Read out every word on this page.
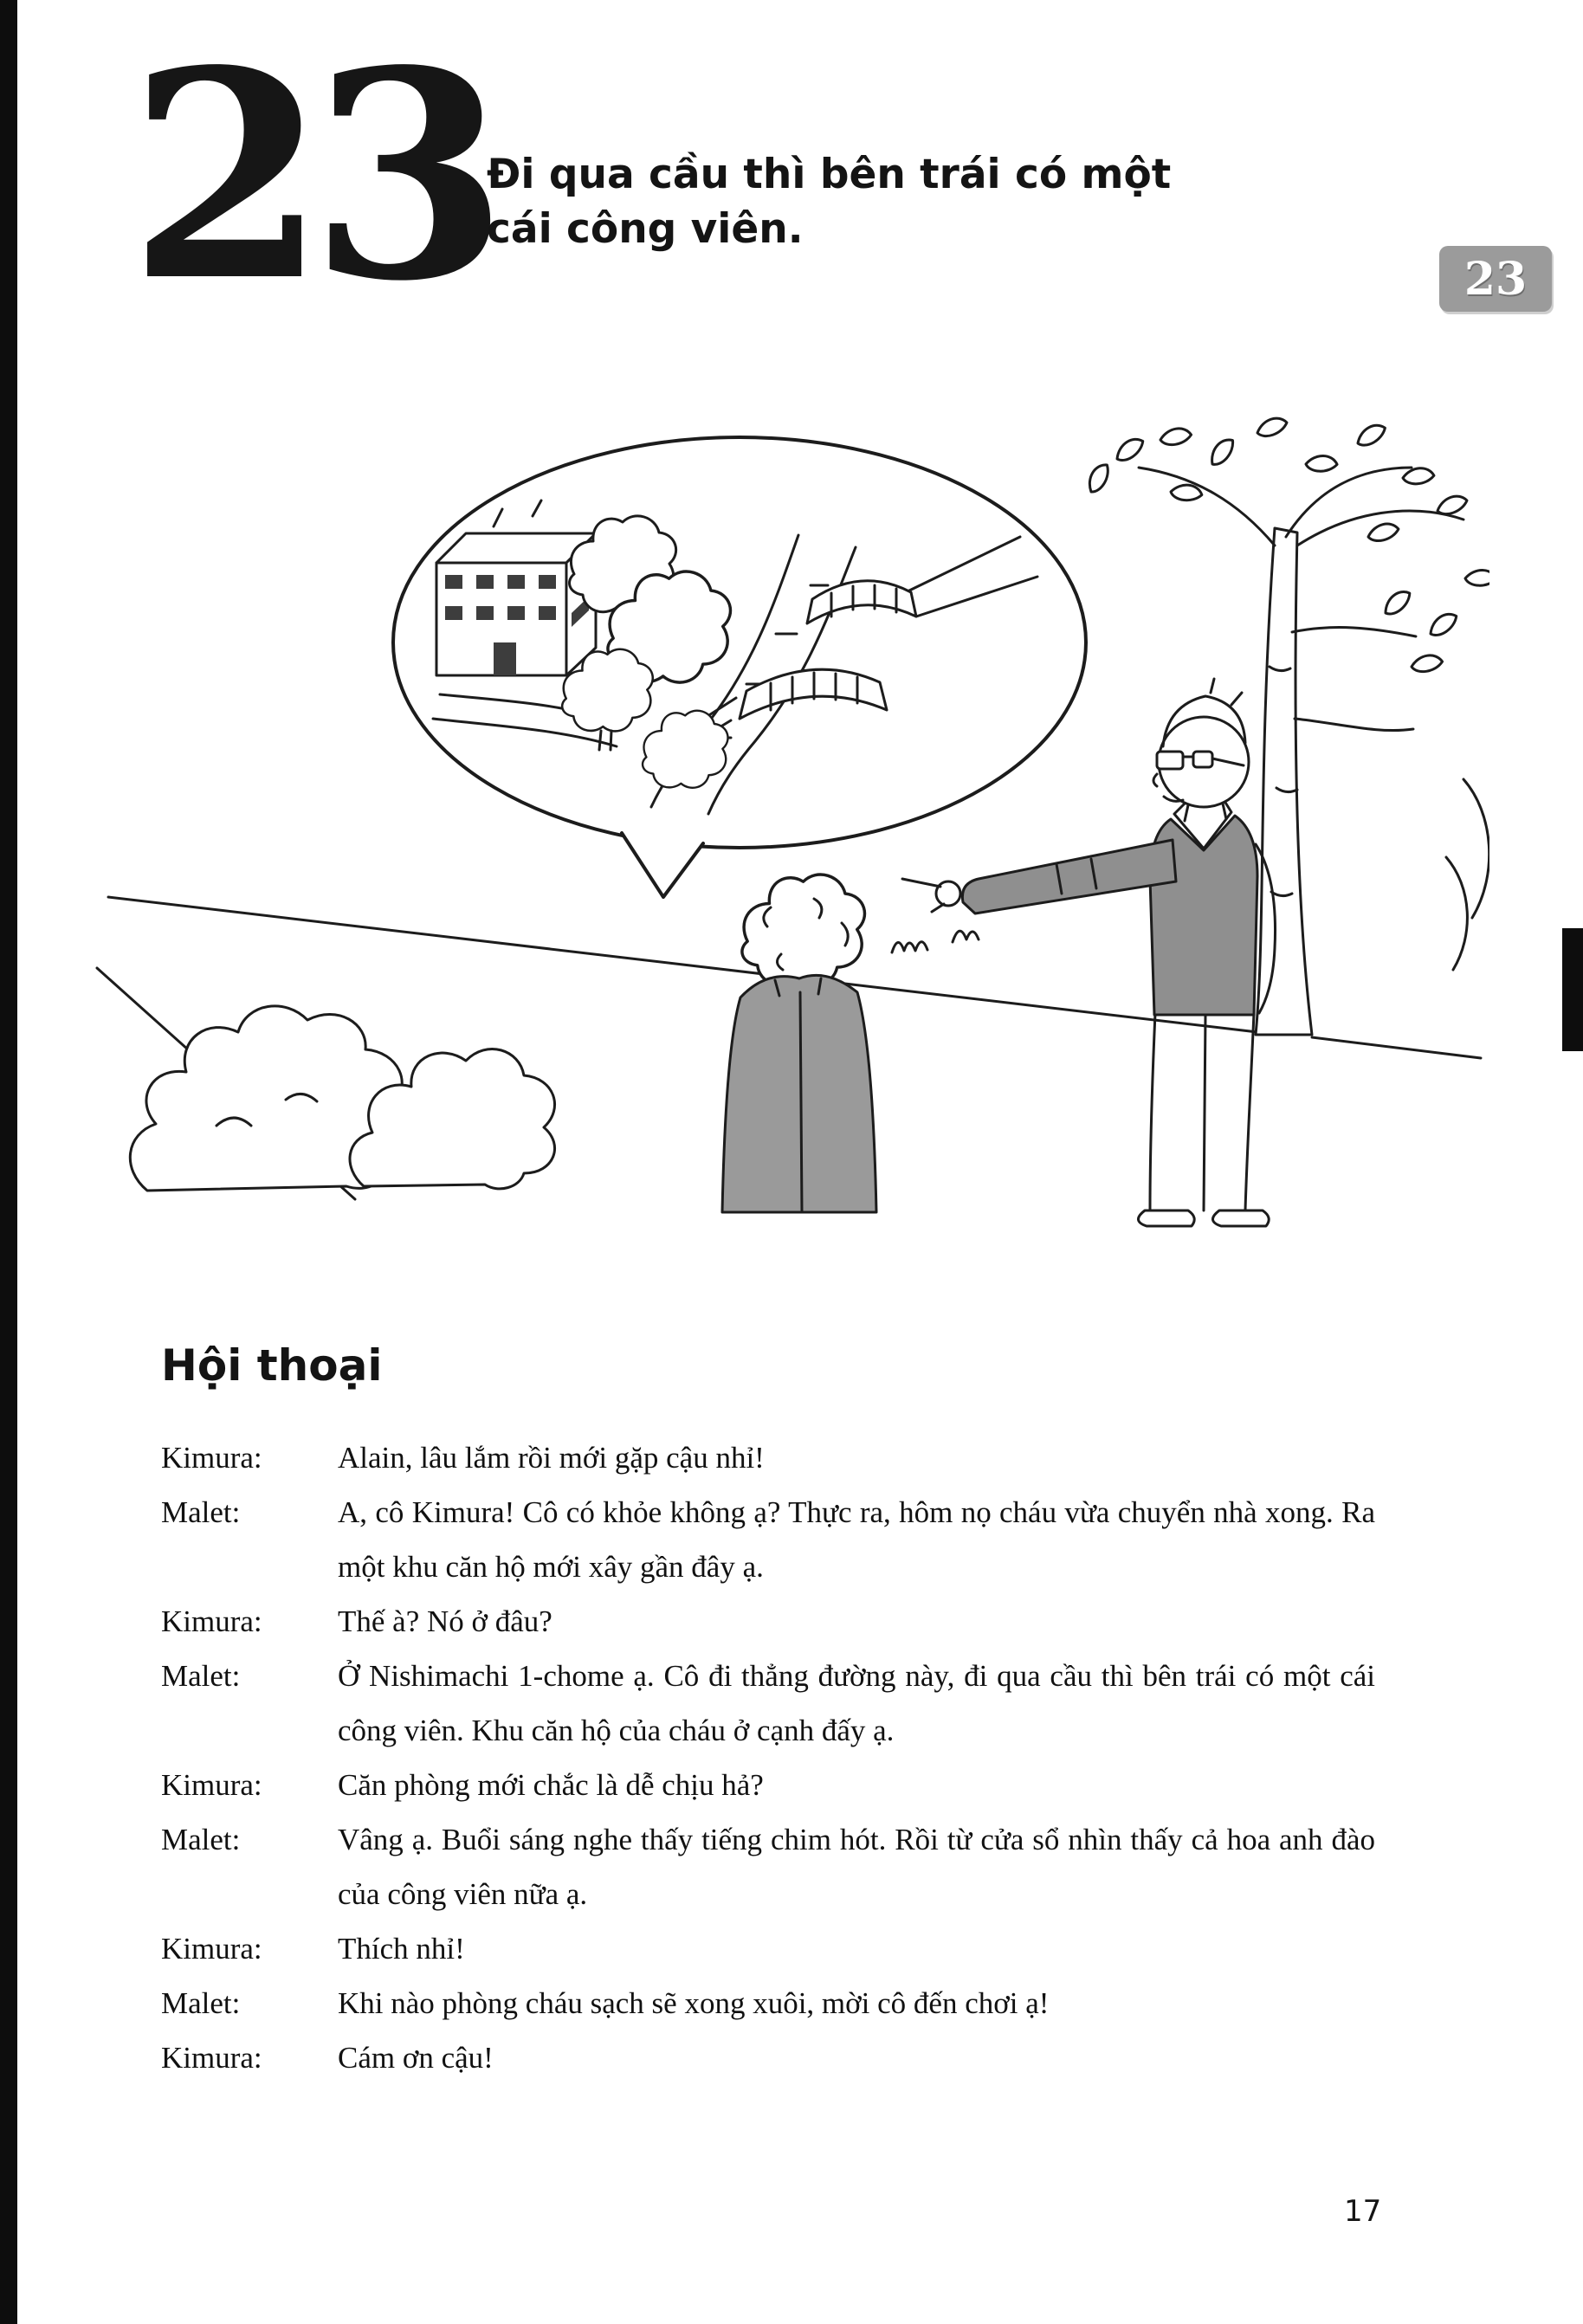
23
Đi qua cầu thì bên trái có một
cái công viên.
23
Hội thoại
Kimura:	Alain, lâu lắm rồi mới gặp cậu nhỉ!
Malet:	A, cô Kimura! Cô có khỏe không ạ? Thực ra, hôm nọ cháu vừa chuyển nhà xong. Ra một khu căn hộ mới xây gần đây ạ.
Kimura:	Thế à? Nó ở đâu?
Malet:	Ở Nishimachi 1-chome ạ. Cô đi thẳng đường này, đi qua cầu thì bên trái có một cái công viên. Khu căn hộ của cháu ở cạnh đấy ạ.
Kimura:	Căn phòng mới chắc là dễ chịu hả?
Malet:	Vâng ạ. Buổi sáng nghe thấy tiếng chim hót. Rồi từ cửa sổ nhìn thấy cả hoa anh đào của công viên nữa ạ.
Kimura:	Thích nhỉ!
Malet:	Khi nào phòng cháu sạch sẽ xong xuôi, mời cô đến chơi ạ!
Kimura:	Cám ơn cậu!
17
